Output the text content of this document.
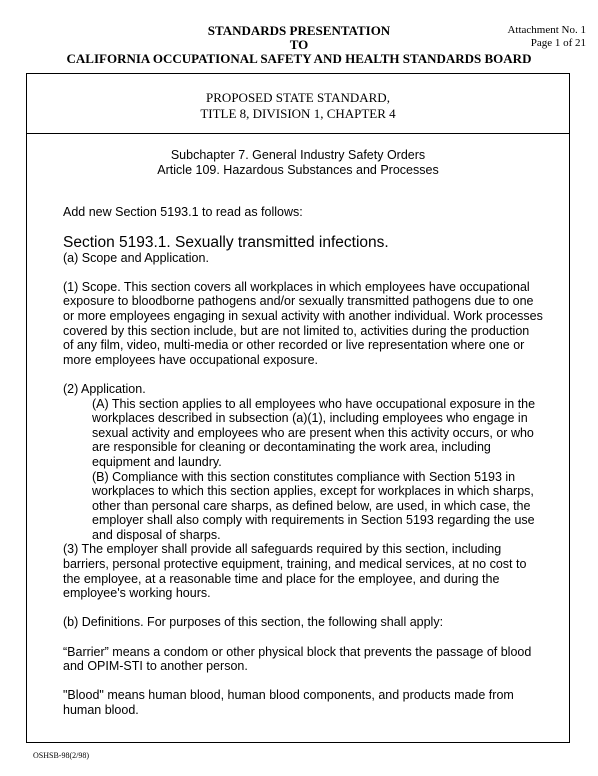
STANDARDS PRESENTATION
TO
CALIFORNIA OCCUPATIONAL SAFETY AND HEALTH STANDARDS BOARD
Attachment No. 1
Page 1 of 21
PROPOSED STATE STANDARD,
TITLE 8, DIVISION 1, CHAPTER 4
Subchapter 7. General Industry Safety Orders
Article 109. Hazardous Substances and Processes

Add new Section 5193.1 to read as follows:

Section 5193.1. Sexually transmitted infections.

(a) Scope and Application.

(1) Scope. This section covers all workplaces in which employees have occupational exposure to bloodborne pathogens and/or sexually transmitted pathogens due to one or more employees engaging in sexual activity with another individual. Work processes covered by this section include, but are not limited to, activities during the production of any film, video, multi-media or other recorded or live representation where one or more employees have occupational exposure.

(2) Application.

(A) This section applies to all employees who have occupational exposure in the workplaces described in subsection (a)(1), including employees who engage in sexual activity and employees who are present when this activity occurs, or who are responsible for cleaning or decontaminating the work area, including equipment and laundry.

(B) Compliance with this section constitutes compliance with Section 5193 in workplaces to which this section applies, except for workplaces in which sharps, other than personal care sharps, as defined below, are used, in which case, the employer shall also comply with requirements in Section 5193 regarding the use and disposal of sharps.

(3) The employer shall provide all safeguards required by this section, including barriers, personal protective equipment, training, and medical services, at no cost to the employee, at a reasonable time and place for the employee, and during the employee's working hours.

(b) Definitions. For purposes of this section, the following shall apply:

“Barrier” means a condom or other physical block that prevents the passage of blood and OPIM-STI to another person.

"Blood" means human blood, human blood components, and products made from human blood.

OSHSB-98(2/98)
